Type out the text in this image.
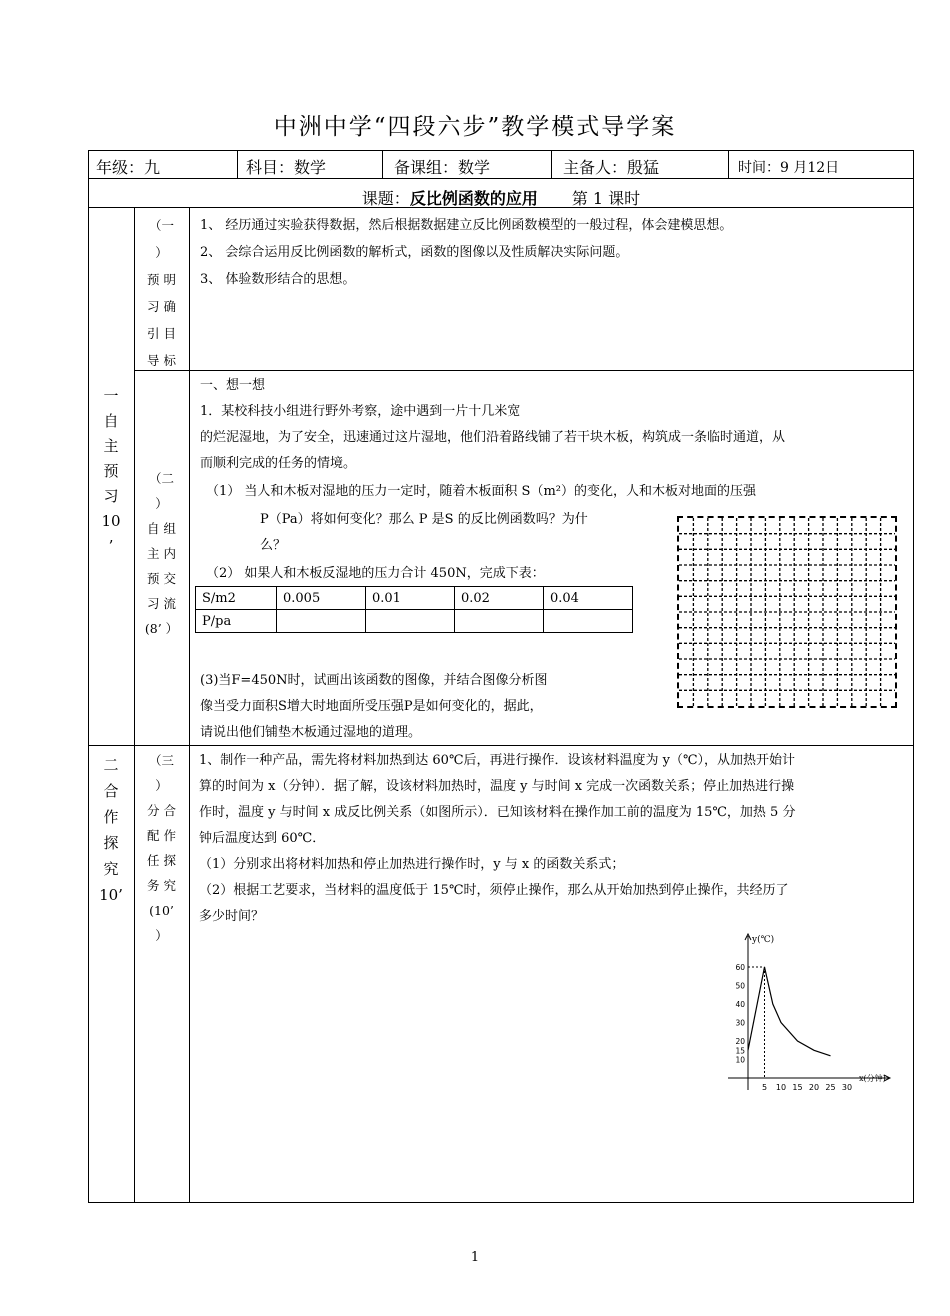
中洲中学“四段六步”教学模式导学案
年级：九	科目：数学	备课组：数学	主备人：殷猛	时间：9 月12日
课题：反比例函数的应用 第 1 课时
一
自
主
预
习
10
’
（一
）
预 明
习 确
引 目
导 标
1、 经历通过实验获得数据，然后根据数据建立反比例函数模型的一般过程，体会建模思想。
2、 会综合运用反比例函数的解析式，函数的图像以及性质解决实际问题。
3、 体验数形结合的思想。
（二
）
自 组
主 内
预 交
习 流
(8’ ）
一、想一想
1．某校科技小组进行野外考察，途中遇到一片十几米宽
的烂泥湿地，为了安全，迅速通过这片湿地，他们沿着路线铺了若干块木板，构筑成一条临时通道，从
而顺利完成的任务的情境。
（1） 当人和木板对湿地的压力一定时，随着木板面积 S（m²）的变化，人和木板对地面的压强
P（Pa）将如何变化？那么 P 是S 的反比例函数吗？为什
么？
（2） 如果人和木板反湿地的压力合计 450N，完成下表：
S/m2	0.005	0.01	0.02	0.04
P/pa				
(3)当F=450N时，试画出该函数的图像，并结合图像分析图
像当受力面积S增大时地面所受压强P是如何变化的，据此，
请说出他们铺垫木板通过湿地的道理。
二
合
作
探
究
10’
（三
）
分 合
配 作
任 探
务 究
(10’
）
1、制作一种产品，需先将材料加热到达 60℃后，再进行操作．设该材料温度为 y（℃），从加热开始计
算的时间为 x（分钟）．据了解，设该材料加热时，温度 y 与时间 x 完成一次函数关系；停止加热进行操
作时，温度 y 与时间 x 成反比例关系（如图所示）．已知该材料在操作加工前的温度为 15℃，加热 5 分
钟后温度达到 60℃．
（1）分别求出将材料加热和停止加热进行操作时，y 与 x 的函数关系式；
（2）根据工艺要求，当材料的温度低于 15℃时，须停止操作，那么从开始加热到停止操作，共经历了
多少时间？
y(℃)
x(分钟)
60
50
40
30
20
15
10
5 10 15 20 25 30
1
